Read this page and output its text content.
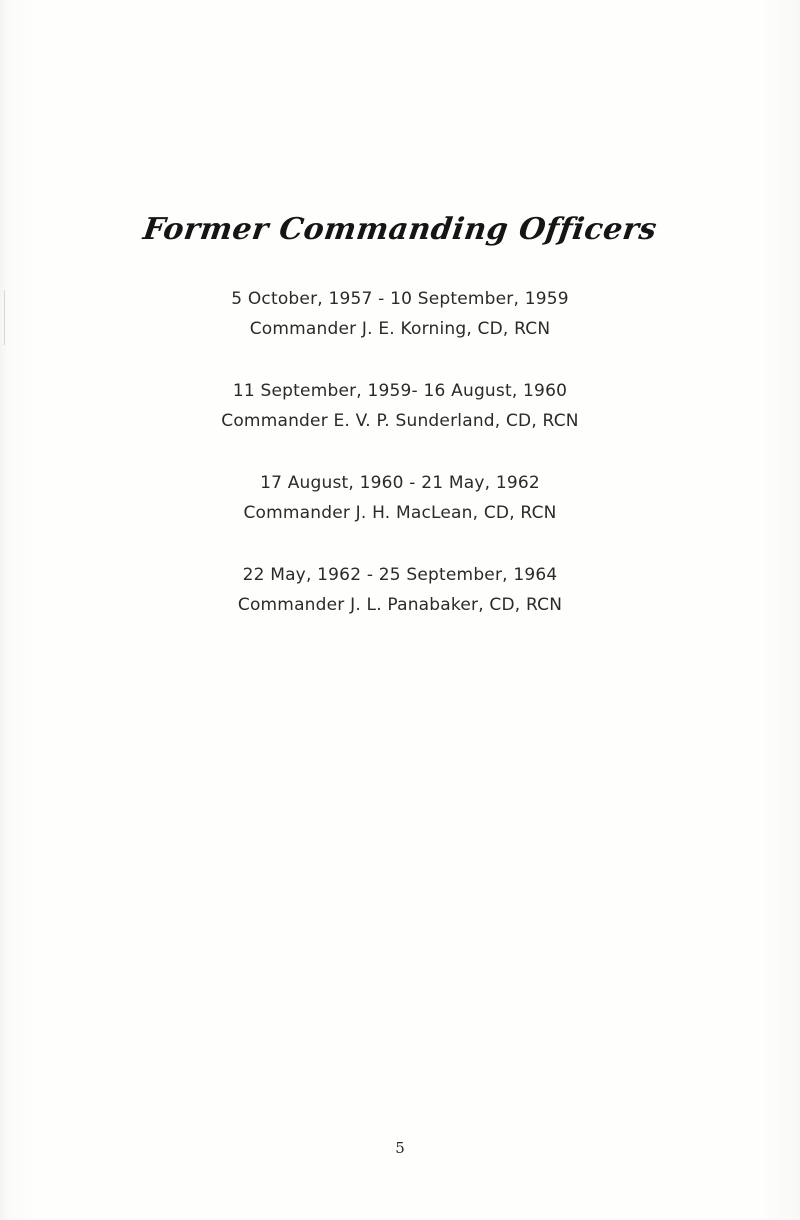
Former Commanding Officers
5 October, 1957 - 10 September, 1959
Commander J. E. Korning, CD, RCN
11 September, 1959- 16 August, 1960
Commander E. V. P. Sunderland, CD, RCN
17 August, 1960 - 21 May, 1962
Commander J. H. MacLean, CD, RCN
22 May, 1962 - 25 September, 1964
Commander J. L. Panabaker, CD, RCN
5
